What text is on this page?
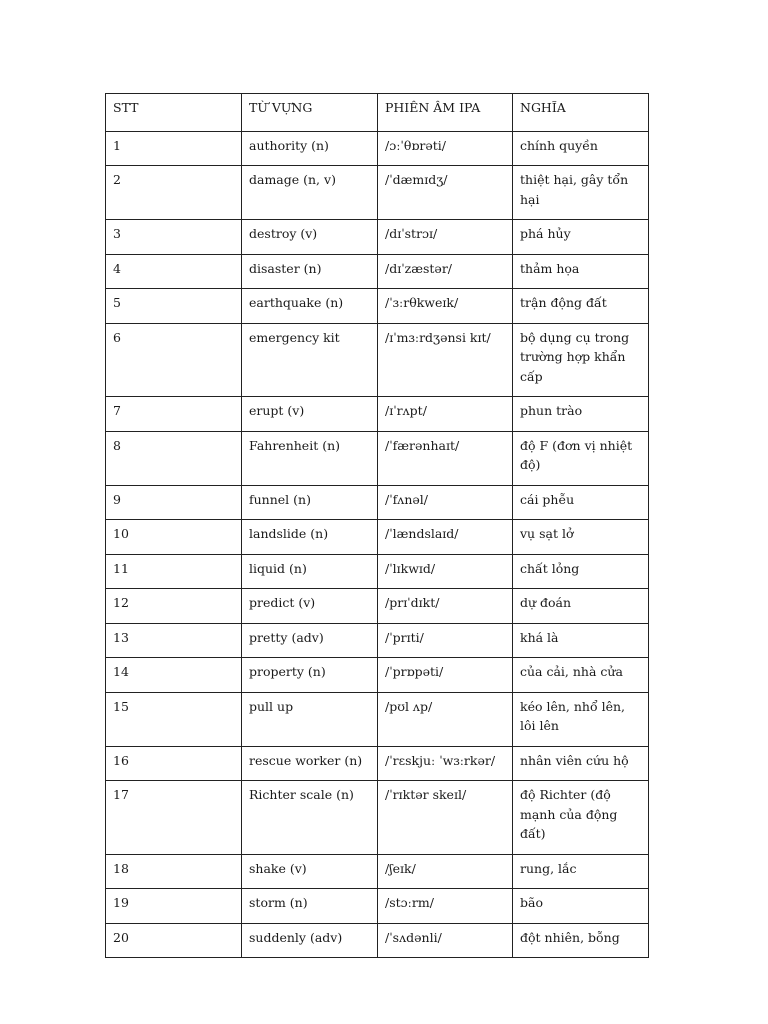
STT	TỪ VỰNG	PHIÊN ÂM IPA	NGHĨA
1	authority (n)	/ɔːˈθɒrəti/	chính quyền
2	damage (n, v)	/ˈdæmɪdʒ/	thiệt hại, gây tổn hại
3	destroy (v)	/dɪˈstrɔɪ/	phá hủy
4	disaster (n)	/dɪˈzæstər/	thảm họa
5	earthquake (n)	/ˈɜːrθkweɪk/	trận động đất
6	emergency kit	/ɪˈmɜːrdʒənsi kɪt/	bộ dụng cụ trong trường hợp khẩn cấp
7	erupt (v)	/ɪˈrʌpt/	phun trào
8	Fahrenheit (n)	/ˈfærənhaɪt/	độ F (đơn vị nhiệt độ)
9	funnel (n)	/ˈfʌnəl/	cái phễu
10	landslide (n)	/ˈlændslaɪd/	vụ sạt lở
11	liquid (n)	/ˈlɪkwɪd/	chất lỏng
12	predict (v)	/prɪˈdɪkt/	dự đoán
13	pretty (adv)	/ˈprɪti/	khá là
14	property (n)	/ˈprɒpəti/	của cải, nhà cửa
15	pull up	/pʊl ʌp/	kéo lên, nhổ lên, lôi lên
16	rescue worker (n)	/ˈrɛskjuː ˈwɜːrkər/	nhân viên cứu hộ
17	Richter scale (n)	/ˈrɪktər skeɪl/	độ Richter (độ mạnh của động đất)
18	shake (v)	/ʃeɪk/	rung, lắc
19	storm (n)	/stɔːrm/	bão
20	suddenly (adv)	/ˈsʌdənli/	đột nhiên, bỗng
